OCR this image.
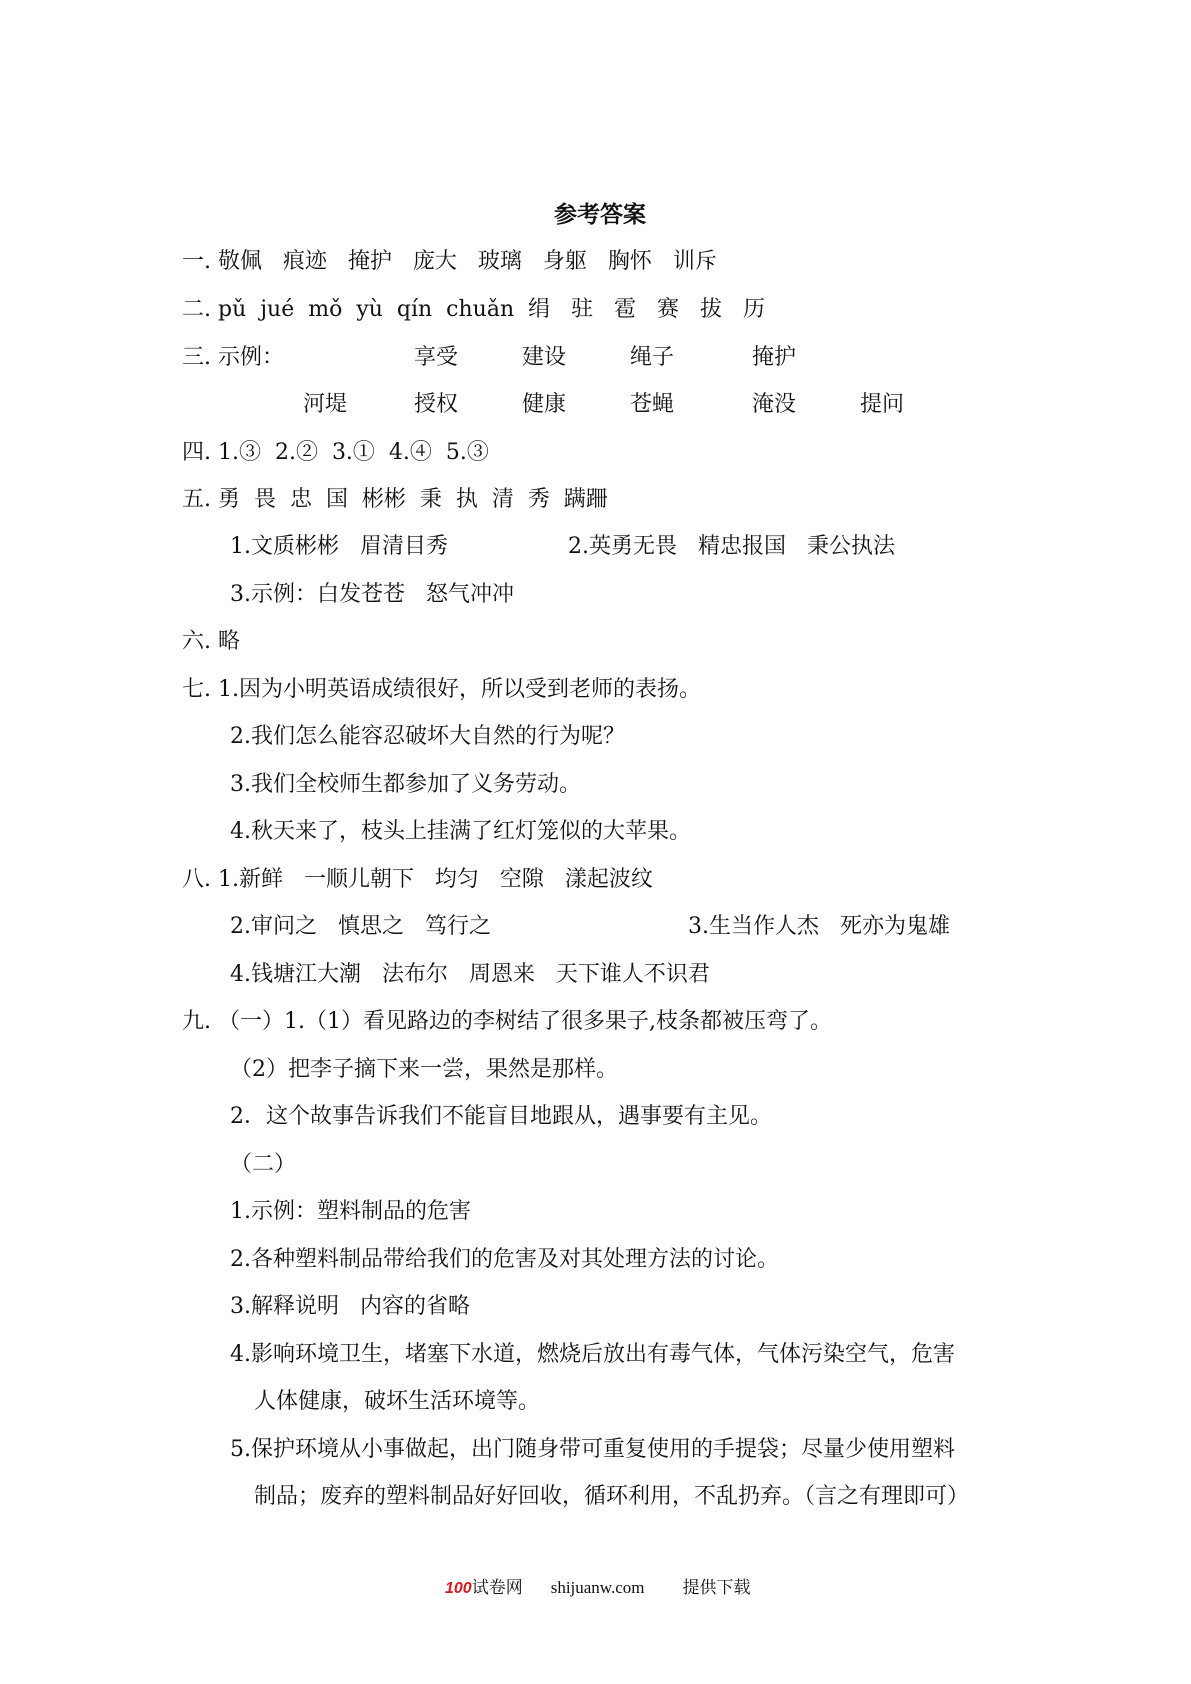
参考答案
一. 敬佩   痕迹   掩护   庞大   玻璃   身躯   胸怀   训斥
二. pǔ  jué  mǒ  yù  qín  chuǎn  绢   驻   雹   赛   拔   历
三. 示例：	享受	建设	绳子	掩护
河堤	授权	健康	苍蝇	淹没	提问
四. 1.③  2.②  3.①  4.④  5.③
五. 勇  畏  忠  国  彬彬  秉  执  清  秀  蹒跚
1.文质彬彬   眉清目秀	2.英勇无畏   精忠报国   秉公执法
3.示例：白发苍苍   怒气冲冲
六. 略
七. 1.因为小明英语成绩很好，所以受到老师的表扬。
2.我们怎么能容忍破坏大自然的行为呢？
3.我们全校师生都参加了义务劳动。
4.秋天来了，枝头上挂满了红灯笼似的大苹果。
八. 1.新鲜   一顺儿朝下   均匀   空隙   漾起波纹
2.审问之   慎思之   笃行之	3.生当作人杰   死亦为鬼雄
4.钱塘江大潮   法布尔   周恩来   天下谁人不识君
九. （一）1.（1）看见路边的李树结了很多果子,枝条都被压弯了。
（2）把李子摘下来一尝，果然是那样。
2．这个故事告诉我们不能盲目地跟从，遇事要有主见。
（二）
1.示例：塑料制品的危害
2.各种塑料制品带给我们的危害及对其处理方法的讨论。
3.解释说明   内容的省略
4.影响环境卫生，堵塞下水道，燃烧后放出有毒气体，气体污染空气，危害
人体健康，破坏生活环境等。
5.保护环境从小事做起，出门随身带可重复使用的手提袋；尽量少使用塑料
制品；废弃的塑料制品好好回收，循环利用，不乱扔弃。（言之有理即可）

100试卷网 shijuanw.com 提供下载
